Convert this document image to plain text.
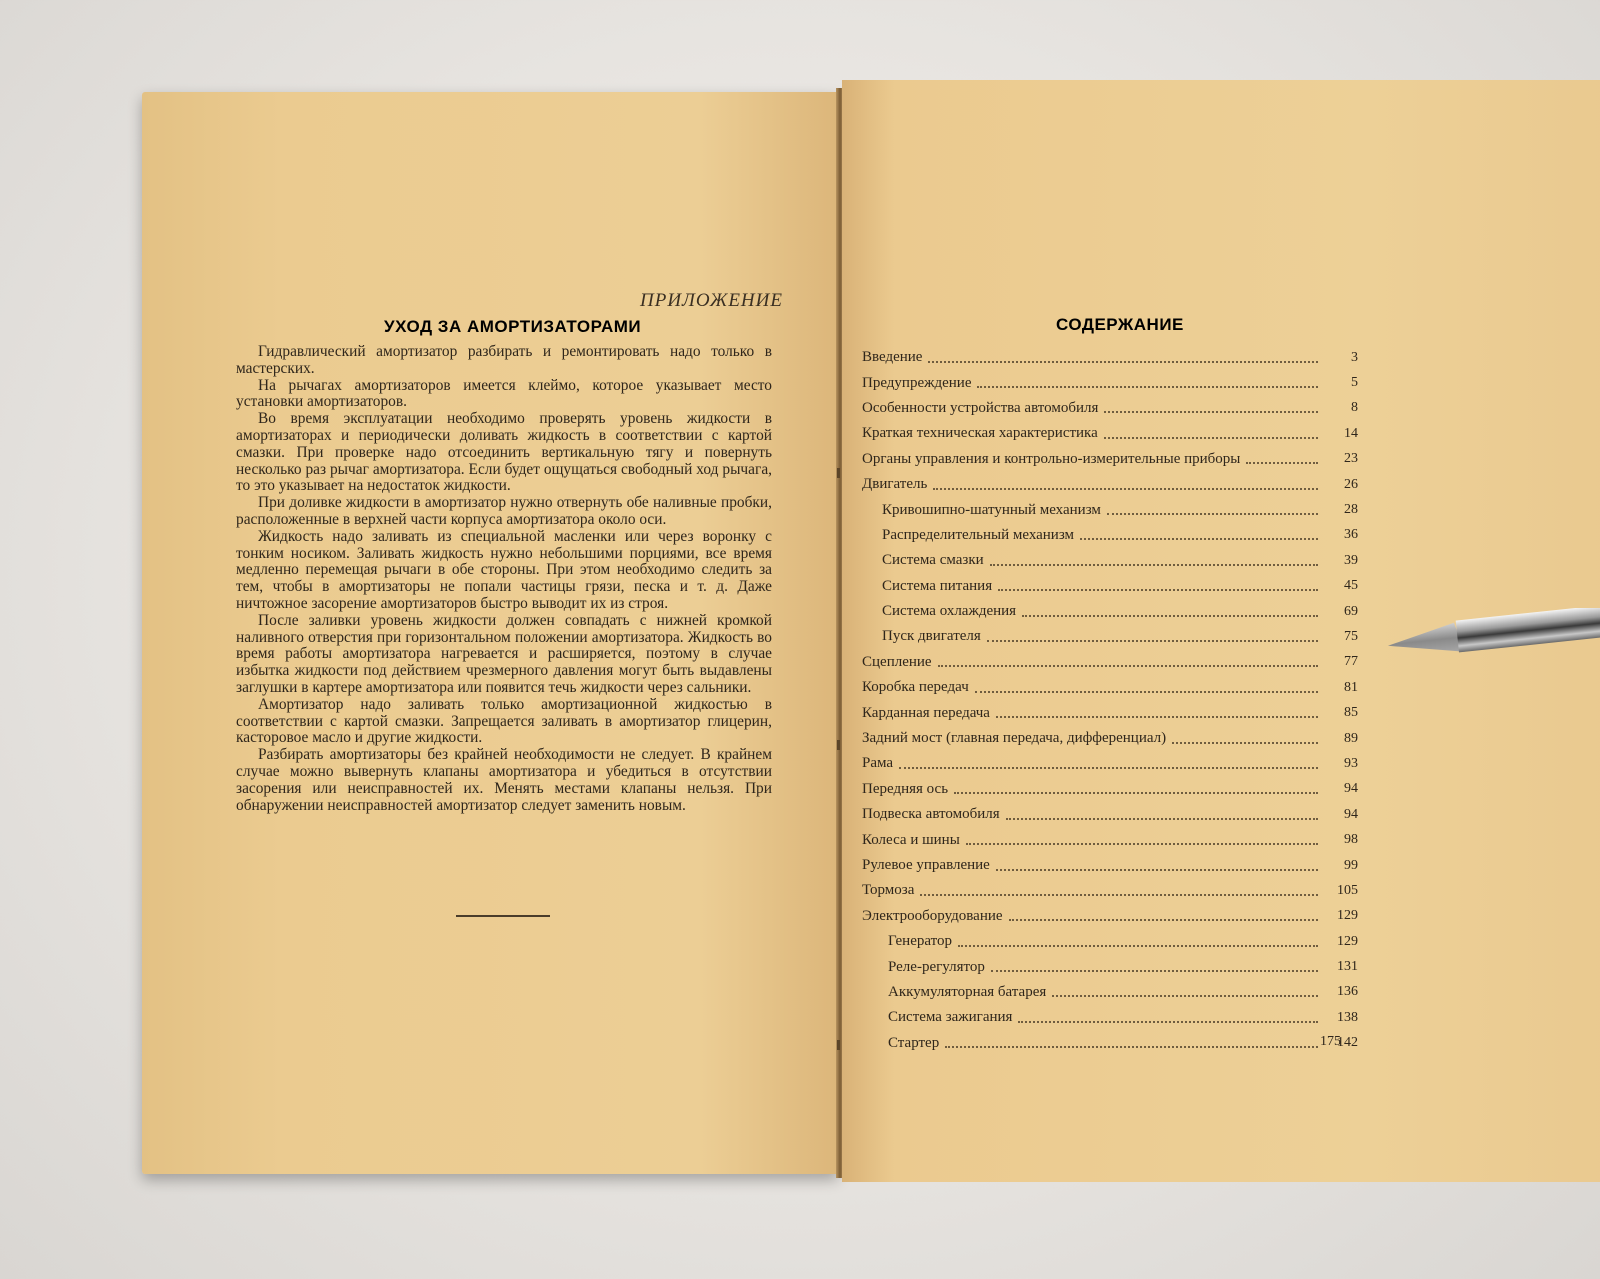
ПРИЛОЖЕНИЕ
УХОД ЗА АМОРТИЗАТОРАМИ

Гидравлический амортизатор разбирать и ремонтировать надо только в мастерских.

На рычагах амортизаторов имеется клеймо, которое указывает место установки амортизаторов.

Во время эксплуатации необходимо проверять уровень жидкости в амортизаторах и периодически доливать жидкость в соответствии с картой смазки. При проверке надо отсоединить вертикальную тягу и повернуть несколько раз рычаг амортизатора. Если будет ощущаться свободный ход рычага, то это указывает на недостаток жидкости.

При доливке жидкости в амортизатор нужно отвернуть обе наливные пробки, расположенные в верхней части корпуса амортизатора около оси.

Жидкость надо заливать из специальной масленки или через воронку с тонким носиком. Заливать жидкость нужно небольшими порциями, все время медленно перемещая рычаги в обе стороны. При этом необходимо следить за тем, чтобы в амортизаторы не попали частицы грязи, песка и т. д. Даже ничтожное засорение амортизаторов быстро выводит их из строя.

После заливки уровень жидкости должен совпадать с нижней кромкой наливного отверстия при горизонтальном положении амортизатора. Жидкость во время работы амортизатора нагревается и расширяется, поэтому в случае избытка жидкости под действием чрезмерного давления могут быть выдавлены заглушки в картере амортизатора или появится течь жидкости через сальники.

Амортизатор надо заливать только амортизационной жидкостью в соответствии с картой смазки. Запрещается заливать в амортизатор глицерин, касторовое масло и другие жидкости.

Разбирать амортизаторы без крайней необходимости не следует. В крайнем случае можно вывернуть клапаны амортизатора и убедиться в отсутствии засорения или неисправностей их. Менять местами клапаны нельзя. При обнаружении неисправностей амортизатор следует заменить новым.

СОДЕРЖАНИЕ
Введение	3
Предупреждение	5
Особенности устройства автомобиля	8
Краткая техническая характеристика	14
Органы управления и контрольно-измерительные приборы	23
Двигатель	26
Кривошипно-шатунный механизм	28
Распределительный механизм	36
Система смазки	39
Система питания	45
Система охлаждения	69
Пуск двигателя	75
Сцепление	77
Коробка передач	81
Карданная передача	85
Задний мост (главная передача, дифференциал)	89
Рама	93
Передняя ось	94
Подвеска автомобиля	94
Колеса и шины	98
Рулевое управление	99
Тормоза	105
Электрооборудование	129
Генератор	129
Реле-регулятор	131
Аккумуляторная батарея	136
Система зажигания	138
Стартер	142
175
